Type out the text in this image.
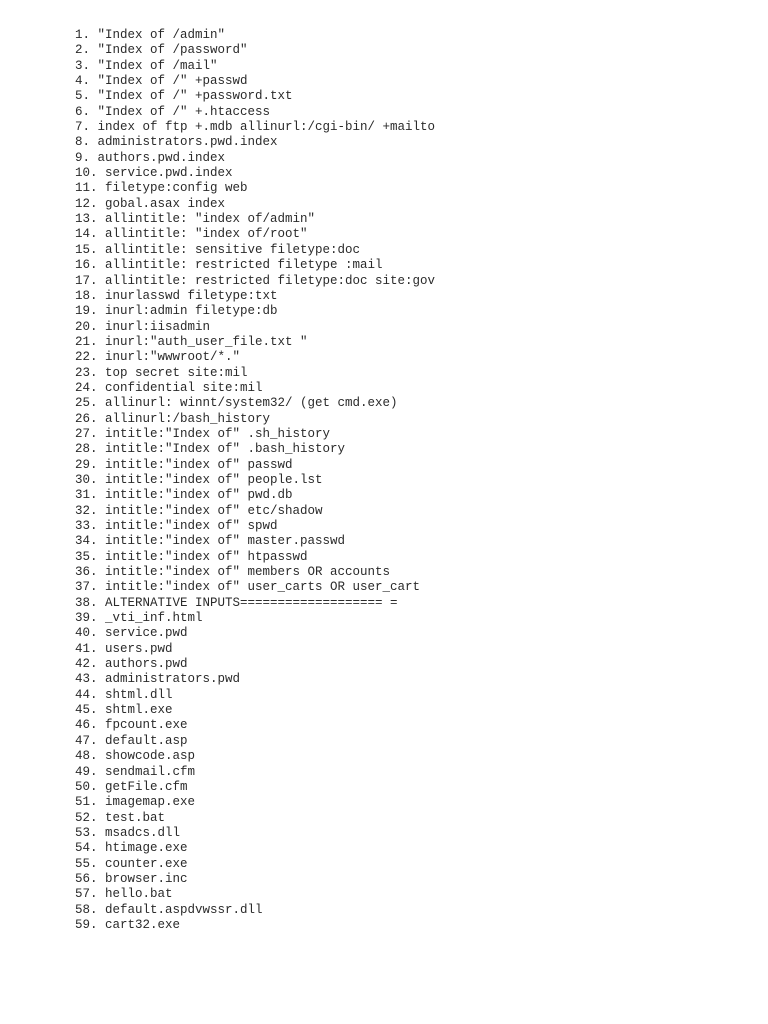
1. "Index of /admin"
2. "Index of /password"
3. "Index of /mail"
4. "Index of /" +passwd
5. "Index of /" +password.txt
6. "Index of /" +.htaccess
7. index of ftp +.mdb allinurl:/cgi-bin/ +mailto
8. administrators.pwd.index
9. authors.pwd.index
10. service.pwd.index
11. filetype:config web
12. gobal.asax index
13. allintitle: "index of/admin"
14. allintitle: "index of/root"
15. allintitle: sensitive filetype:doc
16. allintitle: restricted filetype :mail
17. allintitle: restricted filetype:doc site:gov
18. inurlasswd filetype:txt
19. inurl:admin filetype:db
20. inurl:iisadmin
21. inurl:"auth_user_file.txt "
22. inurl:"wwwroot/*."
23. top secret site:mil
24. confidential site:mil
25. allinurl: winnt/system32/ (get cmd.exe)
26. allinurl:/bash_history
27. intitle:"Index of" .sh_history
28. intitle:"Index of" .bash_history
29. intitle:"index of" passwd
30. intitle:"index of" people.lst
31. intitle:"index of" pwd.db
32. intitle:"index of" etc/shadow
33. intitle:"index of" spwd
34. intitle:"index of" master.passwd
35. intitle:"index of" htpasswd
36. intitle:"index of" members OR accounts
37. intitle:"index of" user_carts OR user_cart
38. ALTERNATIVE INPUTS=================== =
39. _vti_inf.html
40. service.pwd
41. users.pwd
42. authors.pwd
43. administrators.pwd
44. shtml.dll
45. shtml.exe
46. fpcount.exe
47. default.asp
48. showcode.asp
49. sendmail.cfm
50. getFile.cfm
51. imagemap.exe
52. test.bat
53. msadcs.dll
54. htimage.exe
55. counter.exe
56. browser.inc
57. hello.bat
58. default.aspdvwssr.dll
59. cart32.exe
